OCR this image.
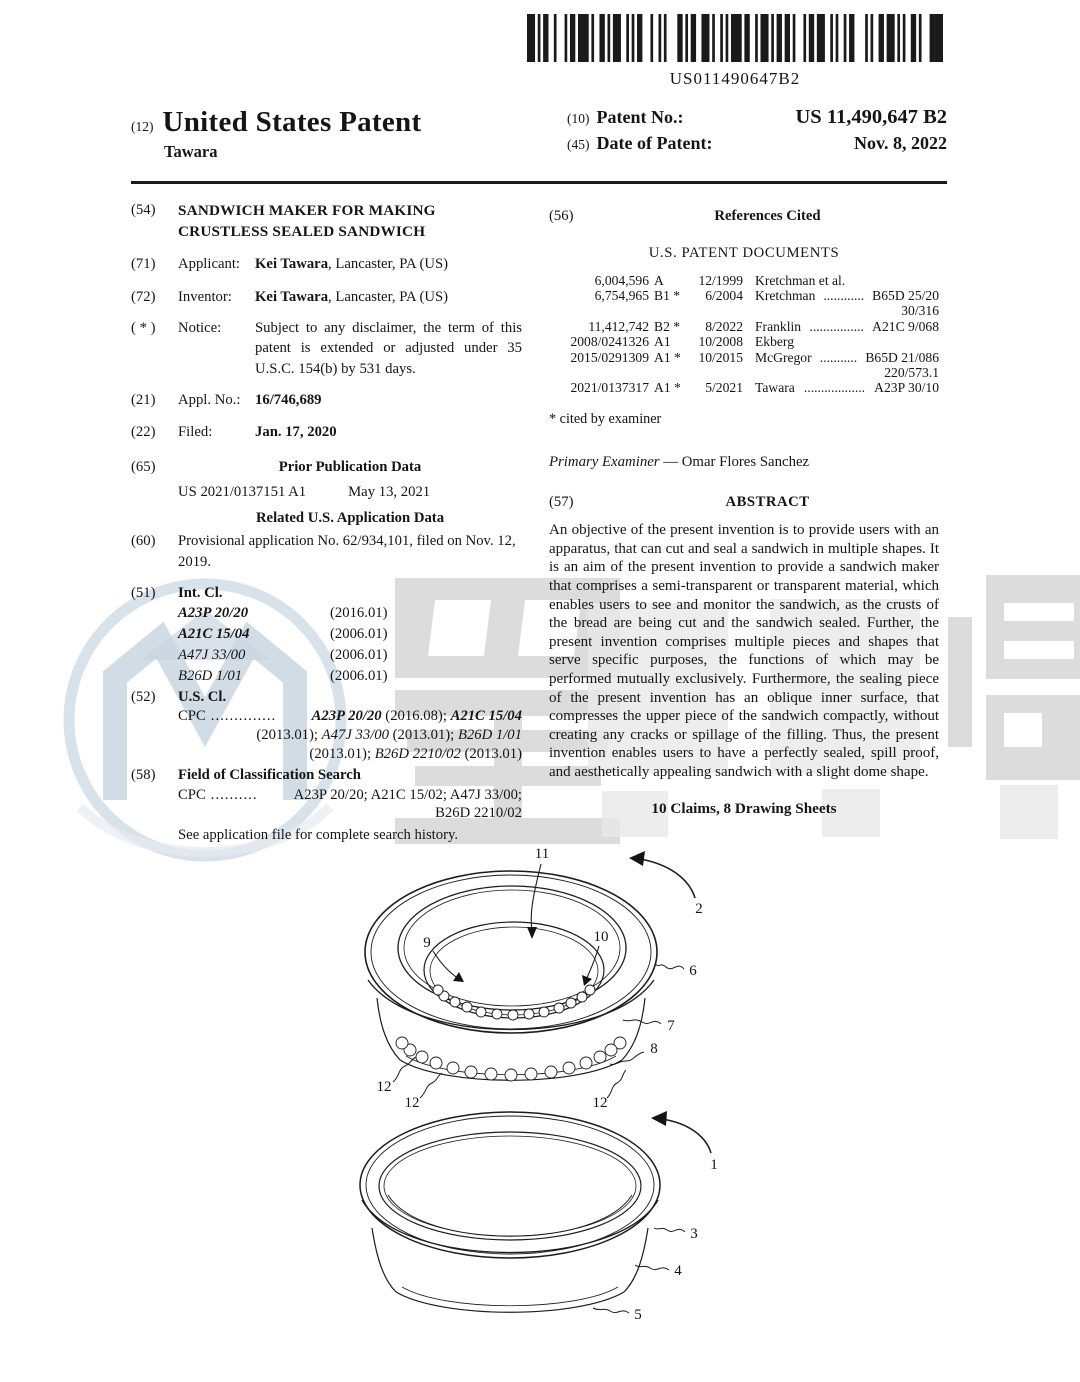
US011490647B2
(12) United States Patent
Tawara
(10) Patent No.:	US 11,490,647 B2
(45) Date of Patent:	Nov. 8, 2022
(54)	SANDWICH MAKER FOR MAKING
CRUSTLESS SEALED SANDWICH
(71)	Applicant:	Kei Tawara, Lancaster, PA (US)
(72)	Inventor:	Kei Tawara, Lancaster, PA (US)
( * )	Notice:	Subject to any disclaimer, the term of this patent is extended or adjusted under 35 U.S.C. 154(b) by 531 days.
(21)	Appl. No.: 16/746,689
(22)	Filed:	Jan. 17, 2020
(65)	Prior Publication Data
US 2021/0137151 A1	May 13, 2021
Related U.S. Application Data
(60)	Provisional application No. 62/934,101, filed on Nov. 12, 2019.
(51)	Int. Cl.
A23P 20/20	(2016.01)
A21C 15/04	(2006.01)
A47J 33/00	(2006.01)
B26D 1/01	(2006.01)
(52)	U.S. Cl.
CPC ..............	A23P 20/20 (2016.08); A21C 15/04
(2013.01); A47J 33/00 (2013.01); B26D 1/01
(2013.01); B26D 2210/02 (2013.01)
(58)	Field of Classification Search
CPC ..........	A23P 20/20; A21C 15/02; A47J 33/00;
B26D 2210/02
See application file for complete search history.
(56)	References Cited
U.S. PATENT DOCUMENTS
6,004,596 A	12/1999 Kretchman et al.
6,754,965 B1 *	6/2004 Kretchman ............ B65D 25/20
30/316
11,412,742 B2 *	8/2022 Franklin ................ A21C 9/068
2008/0241326 A1	10/2008 Ekberg
2015/0291309 A1 *	10/2015 McGregor ........... B65D 21/086
220/573.1
2021/0137317 A1 *	5/2021 Tawara .................. A23P 30/10
* cited by examiner
Primary Examiner — Omar Flores Sanchez
(57)	ABSTRACT
An objective of the present invention is to provide users with an apparatus, that can cut and seal a sandwich in multiple shapes. It is an aim of the present invention to provide a sandwich maker that comprises a semi-transparent or transparent material, which enables users to see and monitor the sandwich, as the crusts of the bread are being cut and the sandwich sealed. Further, the present invention comprises multiple pieces and shapes that serve specific purposes, the functions of which may be performed mutually exclusively. Furthermore, the sealing piece of the present invention has an oblique inner surface, that compresses the upper piece of the sandwich compactly, without creating any cracks or spillage of the filling. Thus, the present invention enables users to have a perfectly sealed, spill proof, and aesthetically appealing sandwich with a slight dome shape.
10 Claims, 8 Drawing Sheets
11
2
9	10
6
7
8
12
12	12
1
3
4
5
